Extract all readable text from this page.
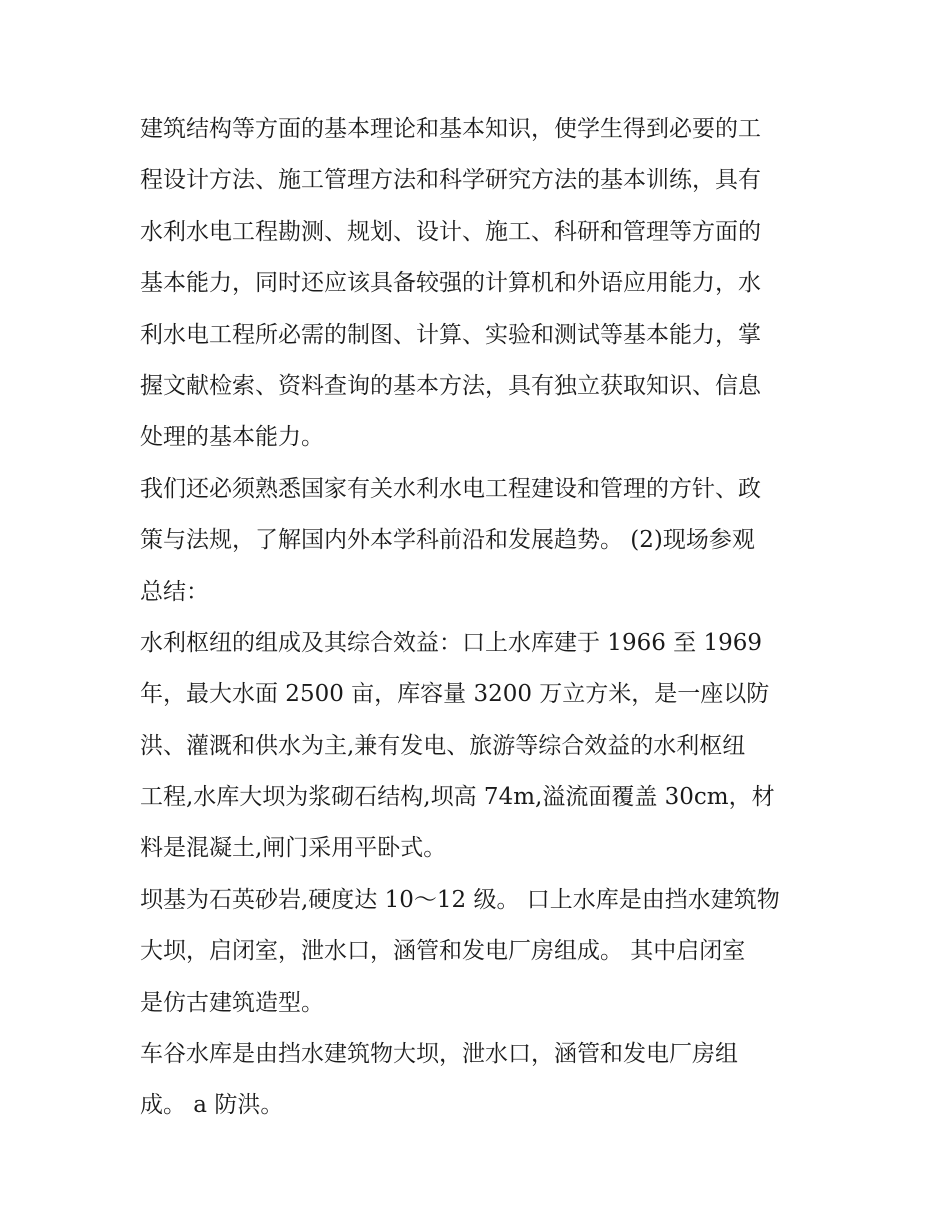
建筑结构等方面的基本理论和基本知识，使学生得到必要的工
程设计方法、施工管理方法和科学研究方法的基本训练，具有
水利水电工程勘测、规划、设计、施工、科研和管理等方面的
基本能力，同时还应该具备较强的计算机和外语应用能力，水
利水电工程所必需的制图、计算、实验和测试等基本能力，掌
握文献检索、资料查询的基本方法，具有独立获取知识、信息
处理的基本能力。
我们还必须熟悉国家有关水利水电工程建设和管理的方针、政
策与法规，了解国内外本学科前沿和发展趋势。 (2)现场参观
总结：
水利枢纽的组成及其综合效益：口上水库建于 1966 至 1969
年，最大水面 2500 亩，库容量 3200 万立方米，是一座以防
洪、灌溉和供水为主,兼有发电、旅游等综合效益的水利枢纽
工程,水库大坝为浆砌石结构,坝高 74m,溢流面覆盖 30cm，材
料是混凝土,闸门采用平卧式。
坝基为石英砂岩,硬度达 10～12 级。 口上水库是由挡水建筑物
大坝，启闭室，泄水口，涵管和发电厂房组成。 其中启闭室
是仿古建筑造型。
车谷水库是由挡水建筑物大坝，泄水口，涵管和发电厂房组
成。 a 防洪。
